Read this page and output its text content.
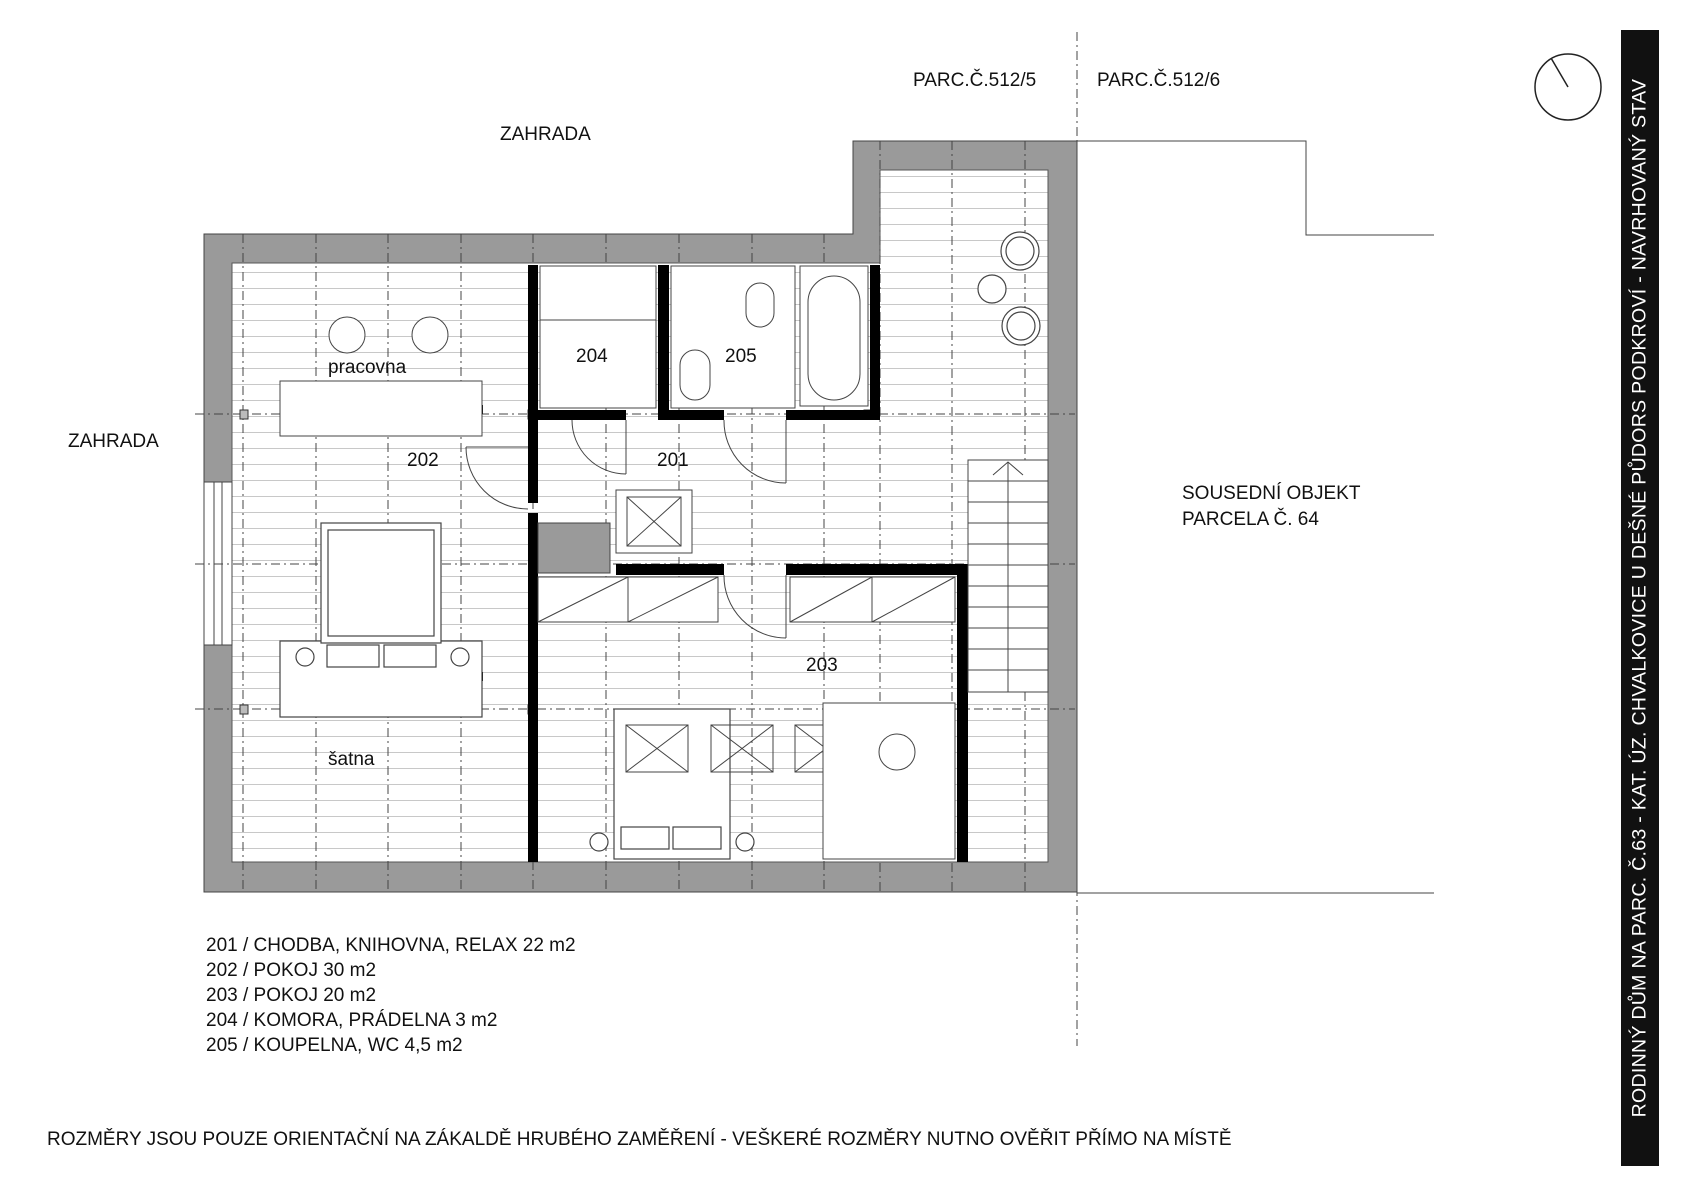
ZAHRADA
ZAHRADA
PARC.Č.512/5	PARC.Č.512/6
SOUSEDNÍ OBJEKT
PARCELA Č. 64
204	205
pracovna
202	201
203
šatna
201 / CHODBA, KNIHOVNA, RELAX 22 m2
202 / POKOJ 30 m2
203 / POKOJ 20 m2
204 / KOMORA, PRÁDELNA 3 m2
205 / KOUPELNA, WC 4,5 m2
ROZMĚRY JSOU POUZE ORIENTAČNÍ NA ZÁKALDĚ HRUBÉHO ZAMĚŘENÍ - VEŠKERÉ ROZMĚRY NUTNO OVĚŘIT PŘÍMO NA MÍSTĚ
RODINNÝ DŮM NA PARC. Č.63 - KAT. ÚZ. CHVALKOVICE U DEŠNÉ PŮDORS PODKROVÍ - NAVRHOVANÝ STAV
